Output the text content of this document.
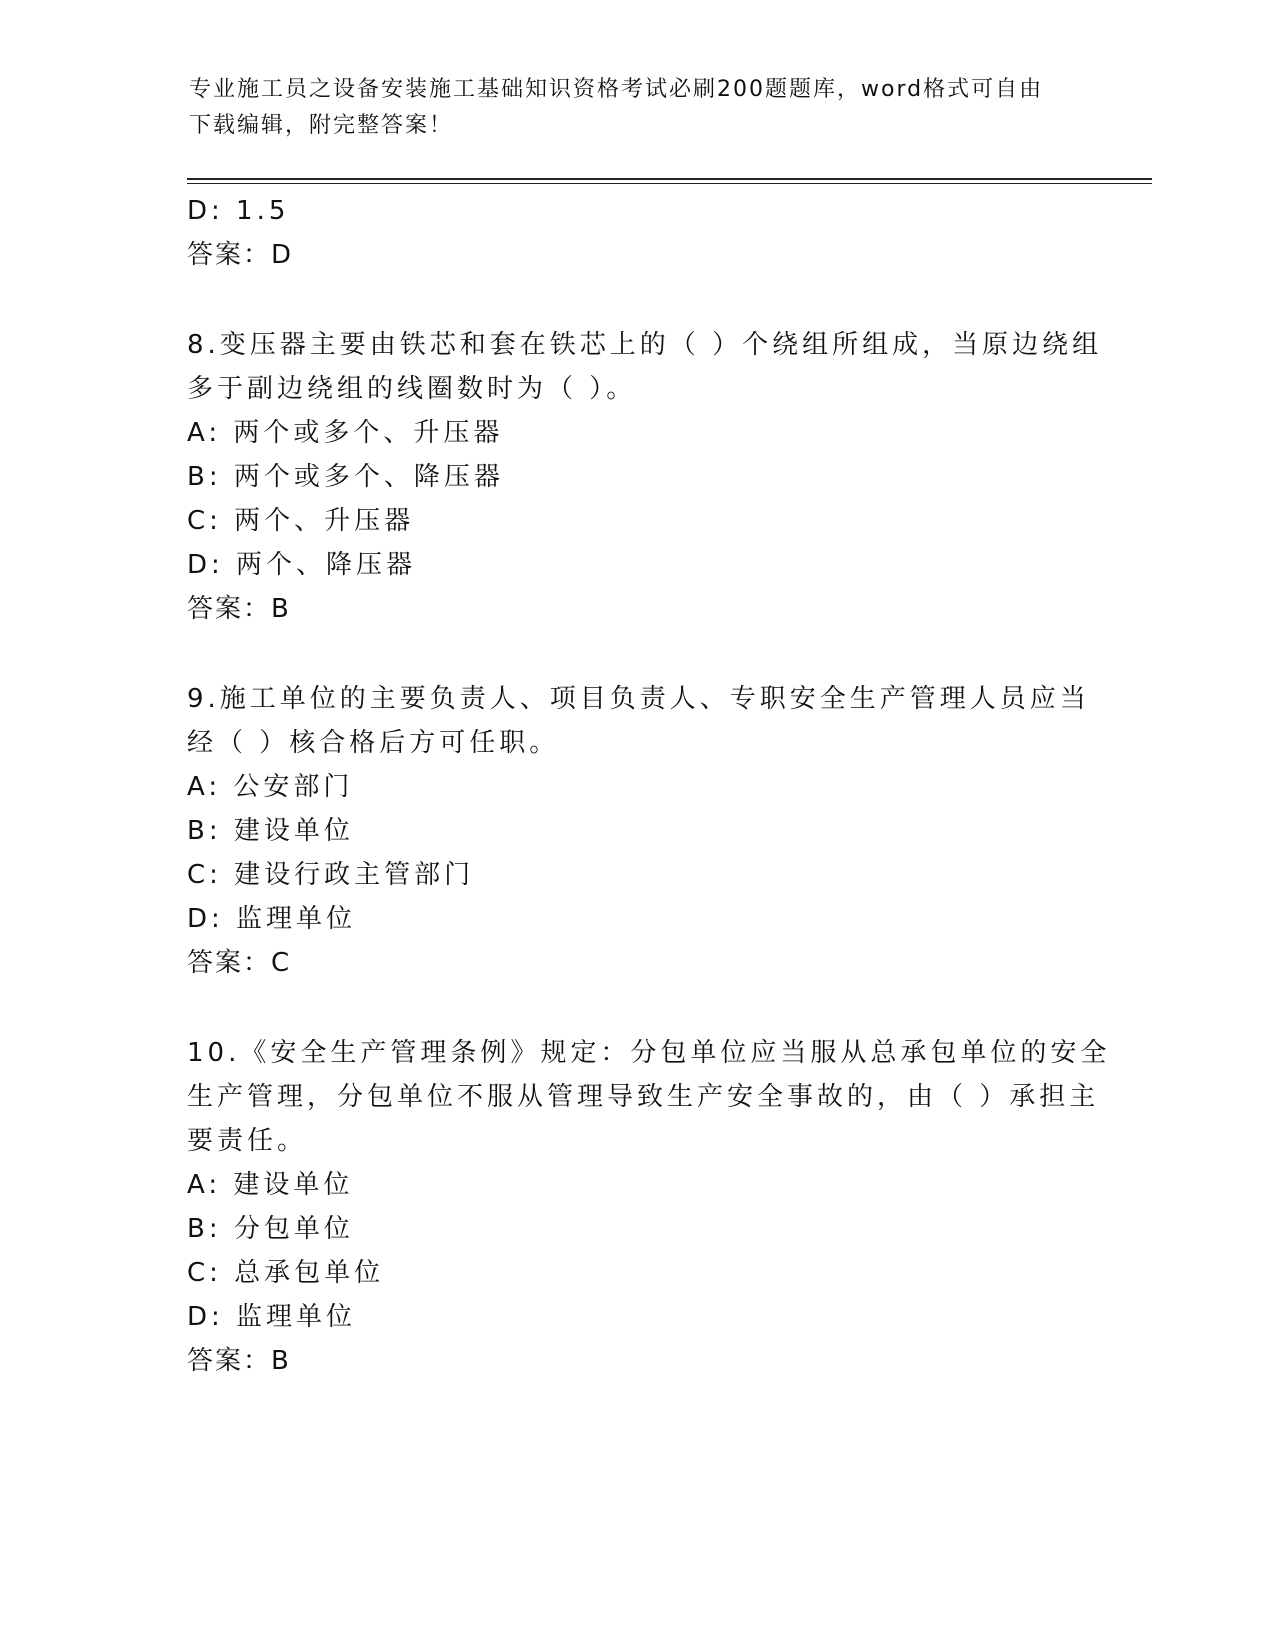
专业施工员之设备安装施工基础知识资格考试必刷200题题库，word格式可自由
下载编辑，附完整答案！
D: 1.5
答案：D
8.变压器主要由铁芯和套在铁芯上的（ ）个绕组所组成，当原边绕组
多于副边绕组的线圈数时为（ ）。
A: 两个或多个、升压器
B: 两个或多个、降压器
C: 两个、升压器
D: 两个、降压器
答案：B
9.施工单位的主要负责人、项目负责人、专职安全生产管理人员应当
经（ ）核合格后方可任职。
A: 公安部门
B: 建设单位
C: 建设行政主管部门
D: 监理单位
答案：C
10.《安全生产管理条例》规定：分包单位应当服从总承包单位的安全
生产管理，分包单位不服从管理导致生产安全事故的，由（ ）承担主
要责任。
A: 建设单位
B: 分包单位
C: 总承包单位
D: 监理单位
答案：B
